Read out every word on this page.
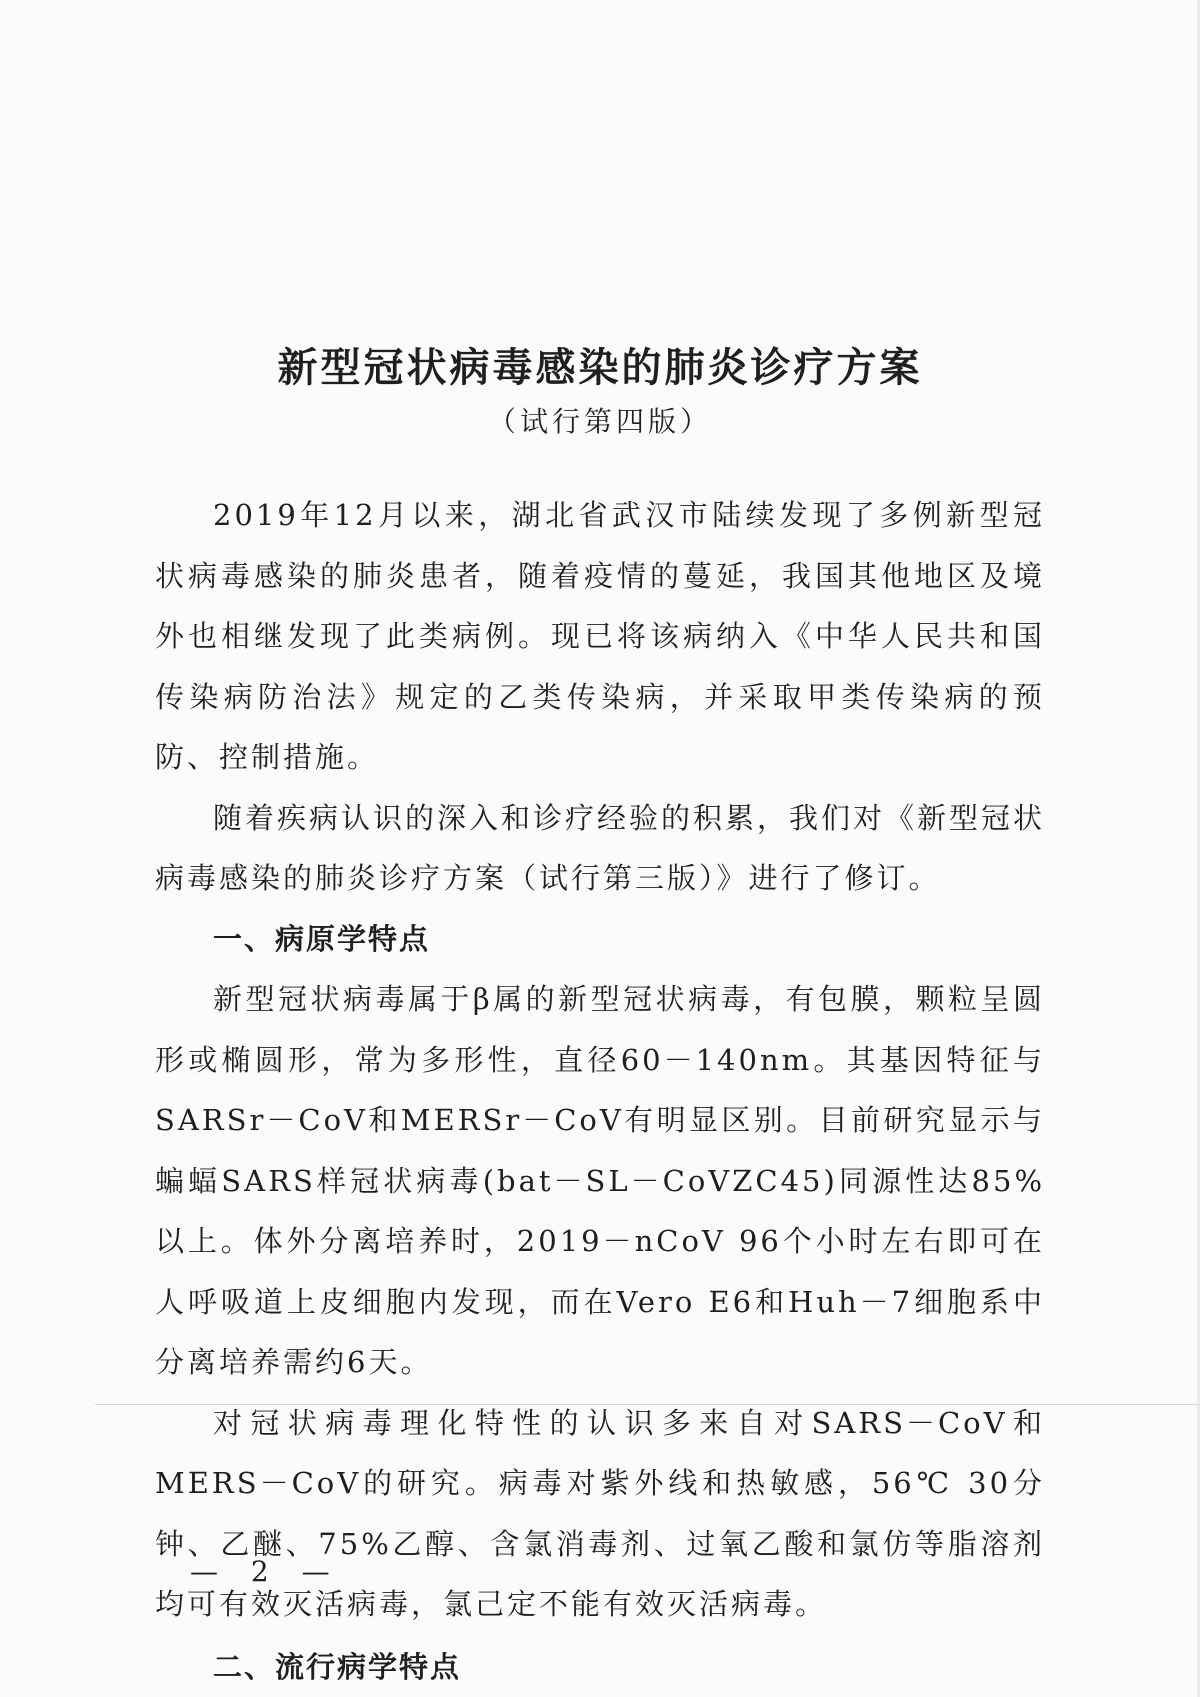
新型冠状病毒感染的肺炎诊疗方案
（试行第四版）

2019年12月以来，湖北省武汉市陆续发现了多例新型冠状病毒感染的肺炎患者，随着疫情的蔓延，我国其他地区及境外也相继发现了此类病例。现已将该病纳入《中华人民共和国传染病防治法》规定的乙类传染病，并采取甲类传染病的预防、控制措施。

随着疾病认识的深入和诊疗经验的积累，我们对《新型冠状病毒感染的肺炎诊疗方案（试行第三版）》进行了修订。

一、病原学特点

新型冠状病毒属于β属的新型冠状病毒，有包膜，颗粒呈圆形或椭圆形，常为多形性，直径60－140nm。其基因特征与SARSr－CoV和MERSr－CoV有明显区别。目前研究显示与蝙蝠SARS样冠状病毒(bat－SL－CoVZC45)同源性达85%以上。体外分离培养时，2019－nCoV 96个小时左右即可在人呼吸道上皮细胞内发现，而在Vero E6和Huh－7细胞系中分离培养需约6天。

对冠状病毒理化特性的认识多来自对SARS－CoV和MERS－CoV的研究。病毒对紫外线和热敏感，56℃ 30分钟、乙醚、75%乙醇、含氯消毒剂、过氧乙酸和氯仿等脂溶剂均可有效灭活病毒，氯己定不能有效灭活病毒。

二、流行病学特点
— 2 —
